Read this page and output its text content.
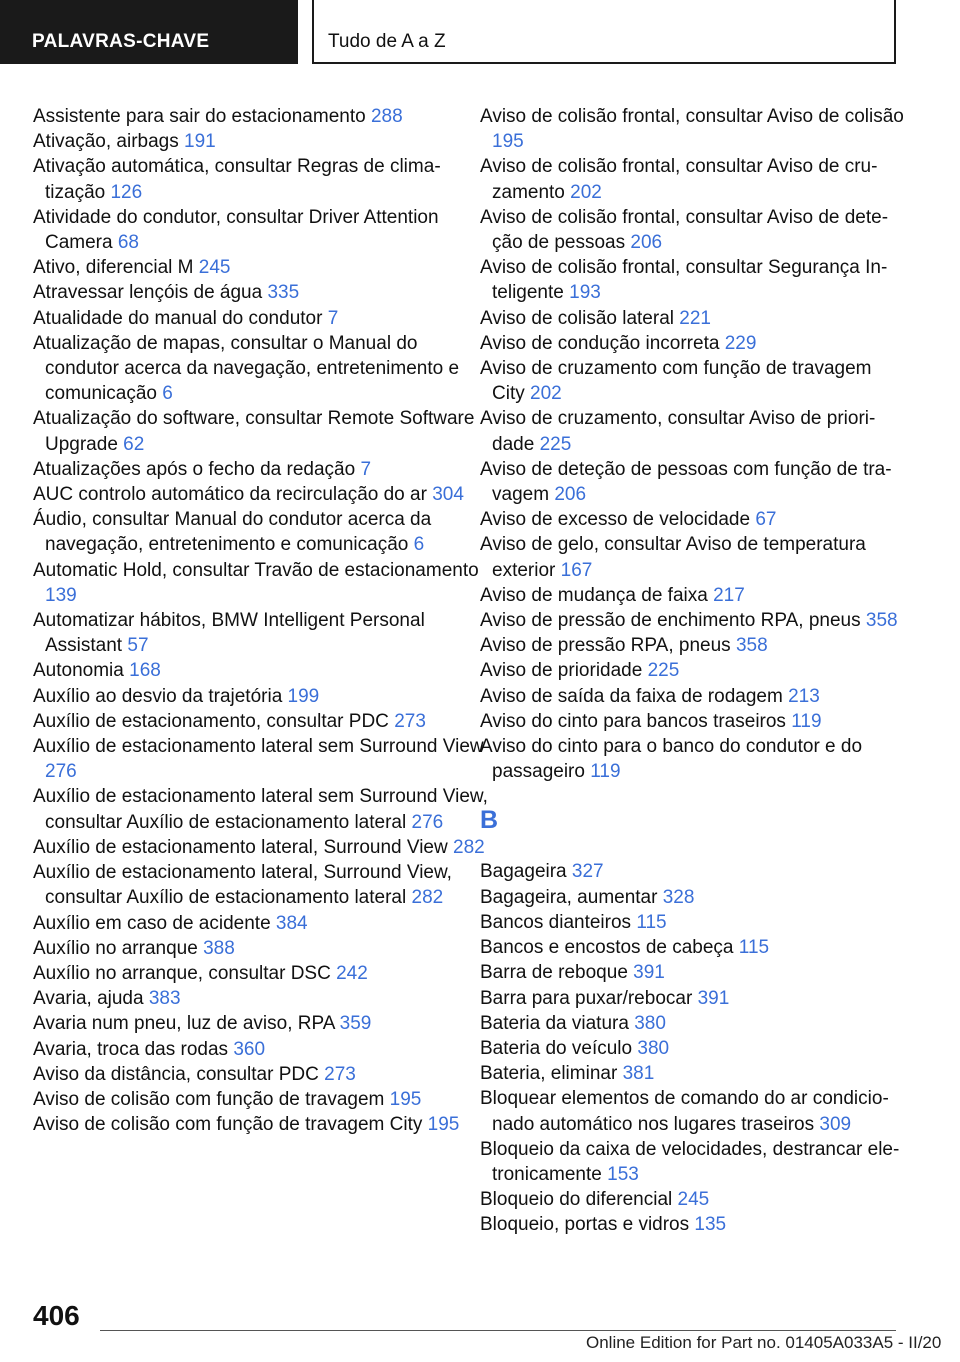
PALAVRAS-CHAVE	Tudo de A a Z

Assistente para sair do estacionamento 288

Ativação, airbags 191

Ativação automática, consultar Regras de climatização 126

Atividade do condutor, consultar Driver Attention Camera 68

Ativo, diferencial M 245

Atravessar lençóis de água 335

Atualidade do manual do condutor 7

Atualização de mapas, consultar o Manual do condutor acerca da navegação, entretenimento e comunicação 6

Atualização do software, consultar Remote Software Upgrade 62

Atualizações após o fecho da redação 7

AUC controlo automático da recirculação do ar 304

Áudio, consultar Manual do condutor acerca da navegação, entretenimento e comunicação 6

Automatic Hold, consultar Travão de estacionamento 139

Automatizar hábitos, BMW Intelligent Personal Assistant 57

Autonomia 168

Auxílio ao desvio da trajetória 199

Auxílio de estacionamento, consultar PDC 273

Auxílio de estacionamento lateral sem Surround View 276

Auxílio de estacionamento lateral sem Surround View, consultar Auxílio de estacionamento lateral 276

Auxílio de estacionamento lateral, Surround View 282

Auxílio de estacionamento lateral, Surround View, consultar Auxílio de estacionamento lateral 282

Auxílio em caso de acidente 384

Auxílio no arranque 388

Auxílio no arranque, consultar DSC 242

Avaria, ajuda 383

Avaria num pneu, luz de aviso, RPA 359

Avaria, troca das rodas 360

Aviso da distância, consultar PDC 273

Aviso de colisão com função de travagem 195

Aviso de colisão com função de travagem City 195

Aviso de colisão frontal, consultar Aviso de colisão 195

Aviso de colisão frontal, consultar Aviso de cruzamento 202

Aviso de colisão frontal, consultar Aviso de deteção de pessoas 206

Aviso de colisão frontal, consultar Segurança Inteligente 193

Aviso de colisão lateral 221

Aviso de condução incorreta 229

Aviso de cruzamento com função de travagem City 202

Aviso de cruzamento, consultar Aviso de prioridade 225

Aviso de deteção de pessoas com função de travagem 206

Aviso de excesso de velocidade 67

Aviso de gelo, consultar Aviso de temperatura exterior 167

Aviso de mudança de faixa 217

Aviso de pressão de enchimento RPA, pneus 358

Aviso de pressão RPA, pneus 358

Aviso de prioridade 225

Aviso de saída da faixa de rodagem 213

Aviso do cinto para bancos traseiros 119

Aviso do cinto para o banco do condutor e do passageiro 119

B

Bagageira 327

Bagageira, aumentar 328

Bancos dianteiros 115

Bancos e encostos de cabeça 115

Barra de reboque 391

Barra para puxar/rebocar 391

Bateria da viatura 380

Bateria do veículo 380

Bateria, eliminar 381

Bloquear elementos de comando do ar condicionado automático nos lugares traseiros 309

Bloqueio da caixa de velocidades, destrancar eletronicamente 153

Bloqueio do diferencial 245

Bloqueio, portas e vidros 135

406
Online Edition for Part no. 01405A033A5 - II/20
